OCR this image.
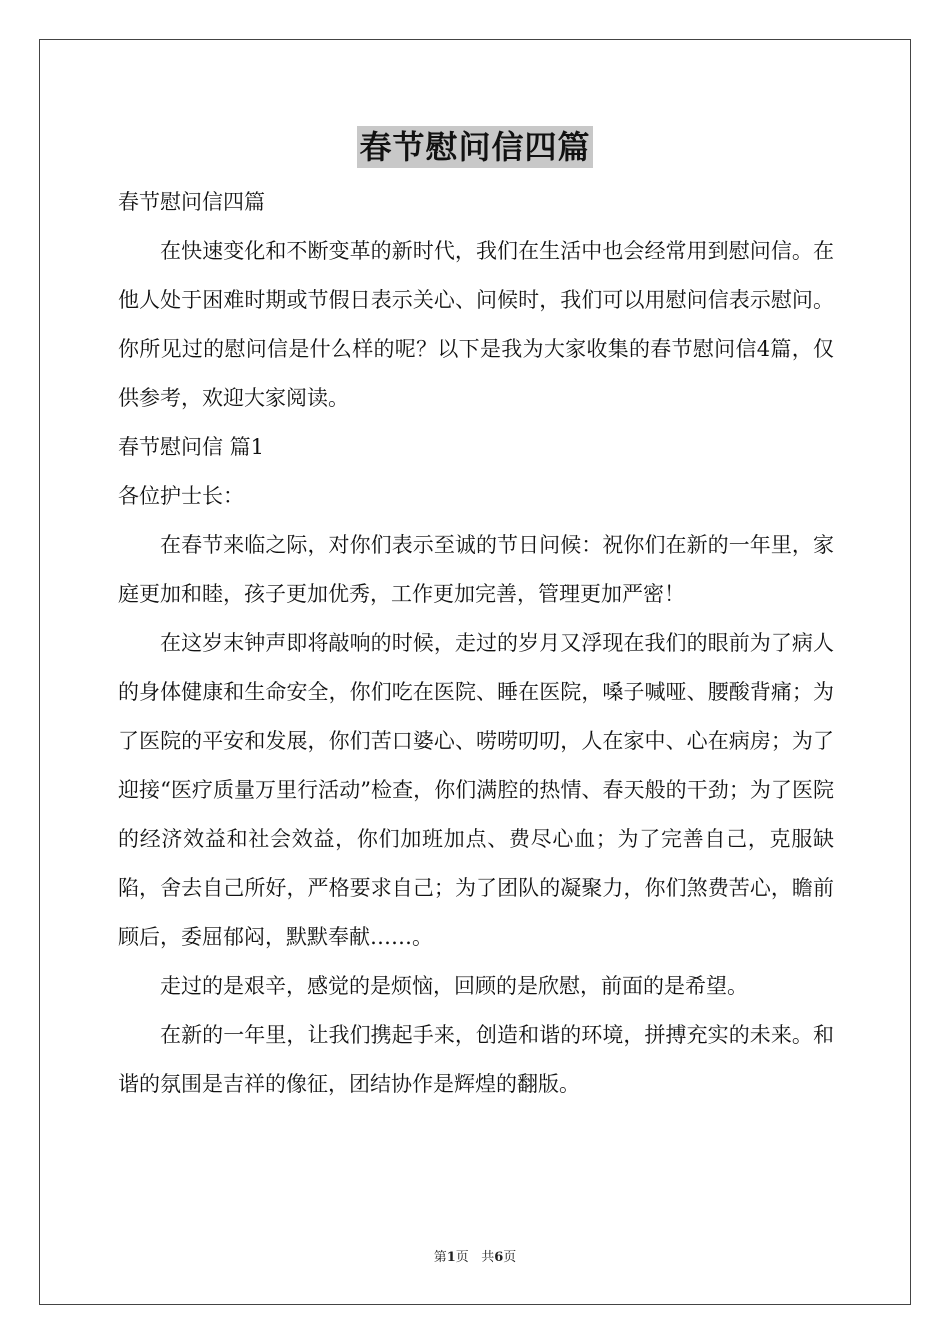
春节慰问信四篇

春节慰问信四篇

在快速变化和不断变革的新时代，我们在生活中也会经常用到慰问信。在他人处于困难时期或节假日表示关心、问候时，我们可以用慰问信表示慰问。你所见过的慰问信是什么样的呢？以下是我为大家收集的春节慰问信4篇，仅供参考，欢迎大家阅读。

春节慰问信 篇1

各位护士长：

在春节来临之际，对你们表示至诚的节日问候：祝你们在新的一年里，家庭更加和睦，孩子更加优秀，工作更加完善，管理更加严密！

在这岁末钟声即将敲响的时候，走过的岁月又浮现在我们的眼前为了病人的身体健康和生命安全，你们吃在医院、睡在医院，嗓子喊哑、腰酸背痛；为了医院的平安和发展，你们苦口婆心、唠唠叨叨，人在家中、心在病房；为了迎接“医疗质量万里行活动”检查，你们满腔的热情、春天般的干劲；为了医院的经济效益和社会效益，你们加班加点、费尽心血；为了完善自己，克服缺陷，舍去自己所好，严格要求自己；为了团队的凝聚力，你们煞费苦心，瞻前顾后，委屈郁闷，默默奉献……。

走过的是艰辛，感觉的是烦恼，回顾的是欣慰，前面的是希望。

在新的一年里，让我们携起手来，创造和谐的环境，拼搏充实的未来。和谐的氛围是吉祥的像征，团结协作是辉煌的翻版。

第1页 共6页
